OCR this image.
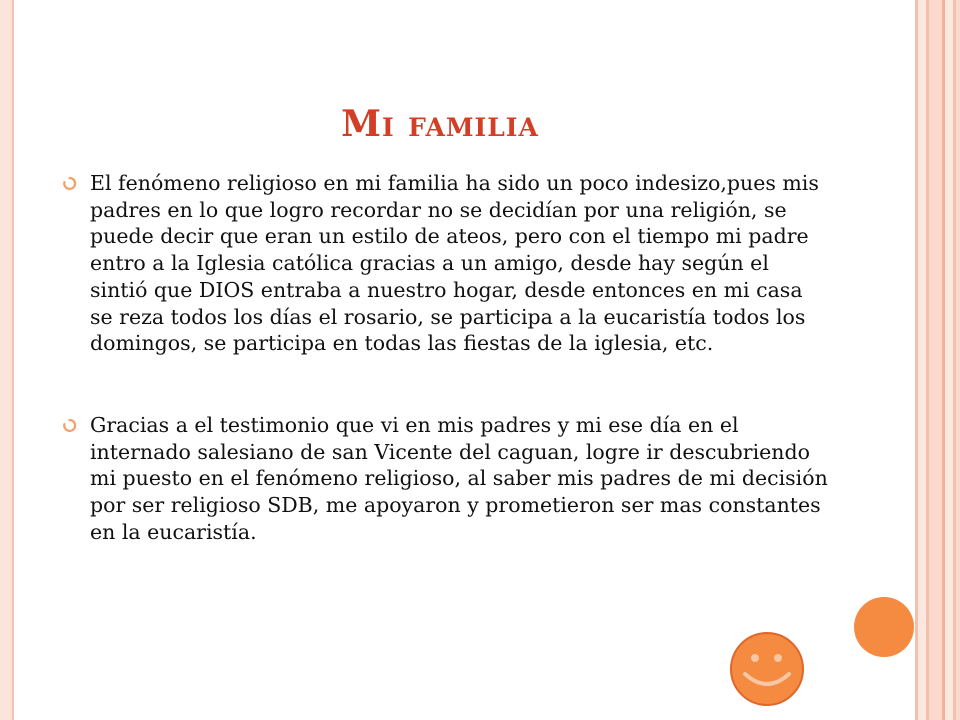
Mi familia

El fenómeno religioso en mi familia ha sido un poco indesizo,pues mis padres en lo que logro recordar no se decidían por una religión, se puede decir que eran un estilo de ateos, pero con el tiempo mi padre entro a la Iglesia católica gracias a un amigo, desde hay según el sintió que DIOS entraba a nuestro hogar, desde entonces en mi casa se reza todos los días el rosario, se participa a la eucaristía todos los domingos, se participa en todas las fiestas de la iglesia, etc.

Gracias a el testimonio que vi en mis padres y mi ese día en el internado salesiano de san Vicente del caguan, logre ir descubriendo mi puesto en el fenómeno religioso, al saber mis padres de mi decisión por ser religioso SDB, me apoyaron y prometieron ser mas constantes en la eucaristía.
